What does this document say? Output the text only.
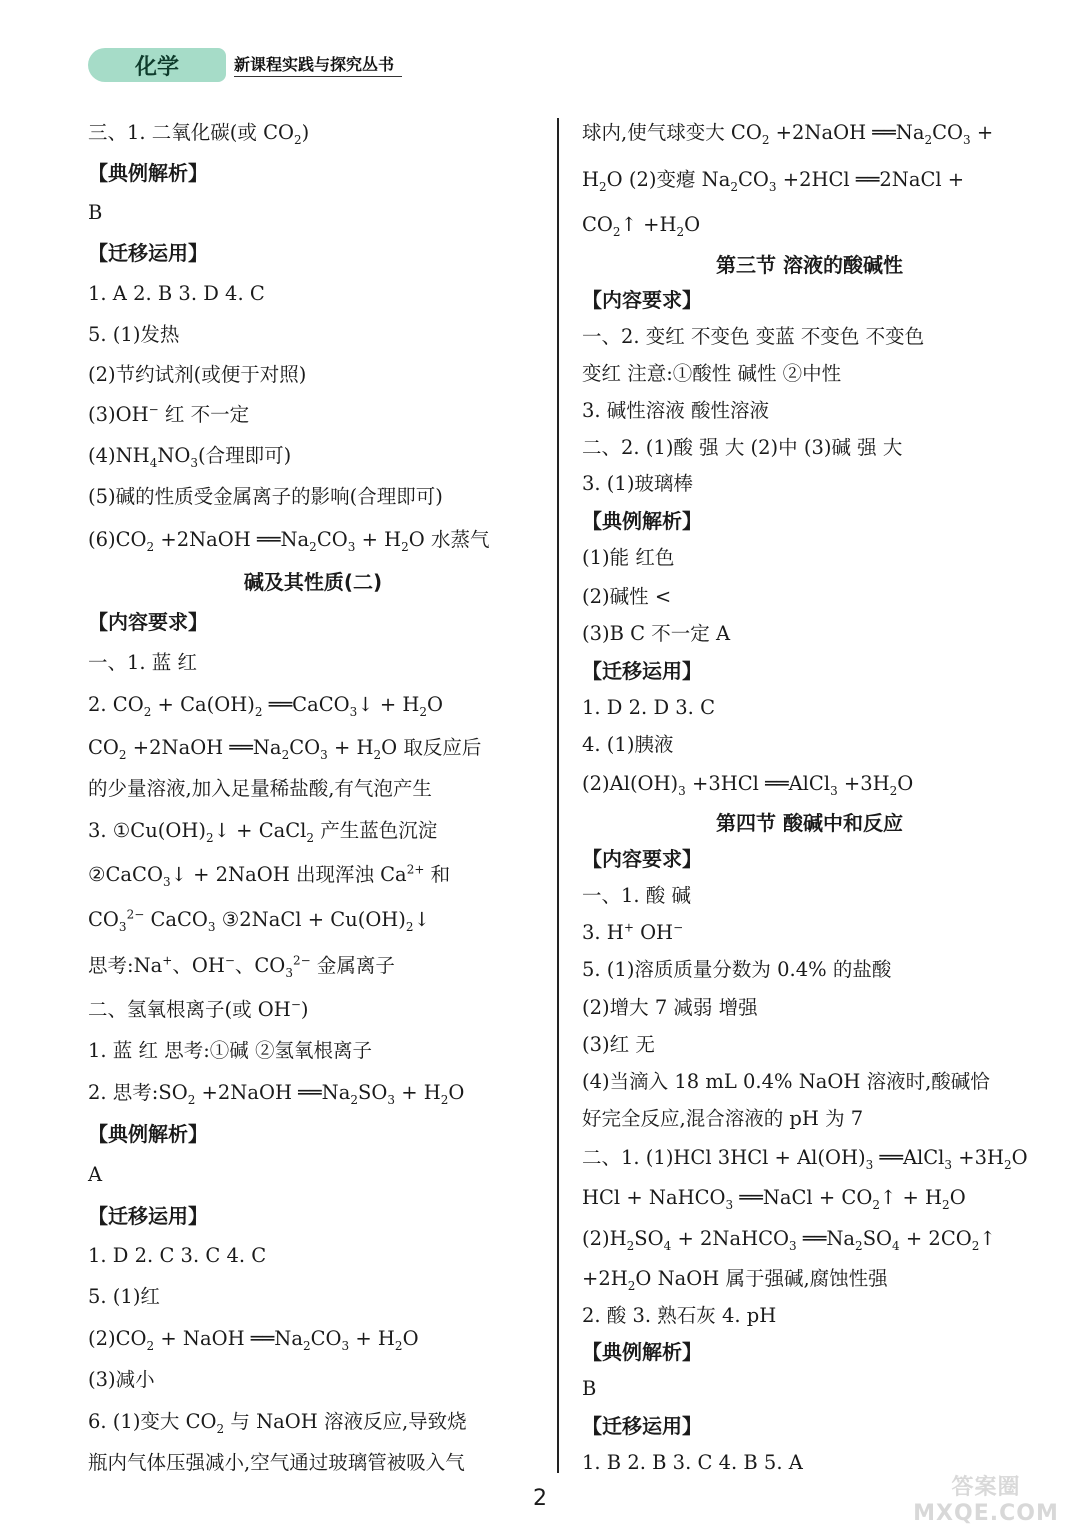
化学	新课程实践与探究丛书
三、1. 二氧化碳(或 $CO_2$)
【典例解析】
B
【迁移运用】
1. A 2. B 3. D 4. C
5. (1)发热
(2)节约试剂(或便于对照)
(3)OH− 红 不一定
$(4)NH_4NO_3$(合理即可)
(5)碱的性质受金属离子的影响(合理即可)
$(6)CO_2$ +2NaOH $══Na_2CO_3 + H_2O$ 水蒸气
碱及其性质(二)
【内容要求】
一、1. 蓝 红
2. $CO_2 + Ca(OH)_2$ ══CaCO$_3$↓ + $H_2O$
$CO_2$ +2NaOH $══Na_2CO_3 + H_2O$ 取反应后
的少量溶液,加入足量稀盐酸,有气泡产生
3. $①Cu(OH)_2↓$ + CaCl$_2$ 产生蓝色沉淀
②CaCO$_3$↓ + 2NaOH 出现浑浊 $Ca^{2+}$ 和
$CO_3^{2-}$ CaCO$_3$ ③2NaCl + $Cu(OH)_2↓$
思考:Na+、OH−、$CO_3^{2-}$ 金属离子
二、氢氧根离子(或 OH−)
1. 蓝 红 思考:①碱 ②氢氧根离子
2. 思考$:SO_2$ +2NaOH $══Na_2SO_3 + H_2O$
【典例解析】
A
【迁移运用】
1. D 2. C 3. C 4. C
5. (1)红
$(2)CO_2$ + NaOH $══Na_2CO_3 + H_2O$
(3)减小
6. (1)变大 $CO_2$ 与 NaOH 溶液反应,导致烧
瓶内气体压强减小,空气通过玻璃管被吸入气
球内,使气球变大 $CO_2$ +2NaOH $══Na_2CO_3$ +
$H_2O$ (2)变瘪 $Na_2CO_3 +2HCl$ ══2NaCl +
$CO_2↑ +H_2O$
第三节 溶液的酸碱性
【内容要求】
一、2. 变红 不变色 变蓝 不变色 不变色
变红 注意:①酸性 碱性 ②中性
3. 碱性溶液 酸性溶液
二、2. (1)酸 强 大 (2)中 (3)碱 强 大
3. (1)玻璃棒
【典例解析】
(1)能 红色
(2)碱性 <
(3)B C 不一定 A
【迁移运用】
1. D 2. D 3. C
4. (1)胰液
$(2)Al(OH)_3 +3HCl$ ══AlCl$_3$ $+3H_2O$
第四节 酸碱中和反应
【内容要求】
一、1. 酸 碱
3. H+ OH−
5. (1)溶质质量分数为 0.4% 的盐酸
(2)增大 7 减弱 增强
(3)红 无
(4)当滴入 18 mL 0.4% NaOH 溶液时,酸碱恰
好完全反应,混合溶液的 pH 为 7
二、1. (1)HCl $3HCl + Al(OH)_3$ ══AlCl$_3$ $+3H_2O$
HCl + NaHCO$_3$ ══NaCl + $CO_2↑ + H_2O$
$(2)H_2SO_4$ + 2NaHCO$_3$ $══Na_2SO_4$ + $2CO_2↑$
$+2H_2O$ NaOH 属于强碱,腐蚀性强
2. 酸 3. 熟石灰 4. pH
【典例解析】
B
【迁移运用】
1. B 2. B 3. C 4. B 5. A
2	答案圈 MXQE.COM
